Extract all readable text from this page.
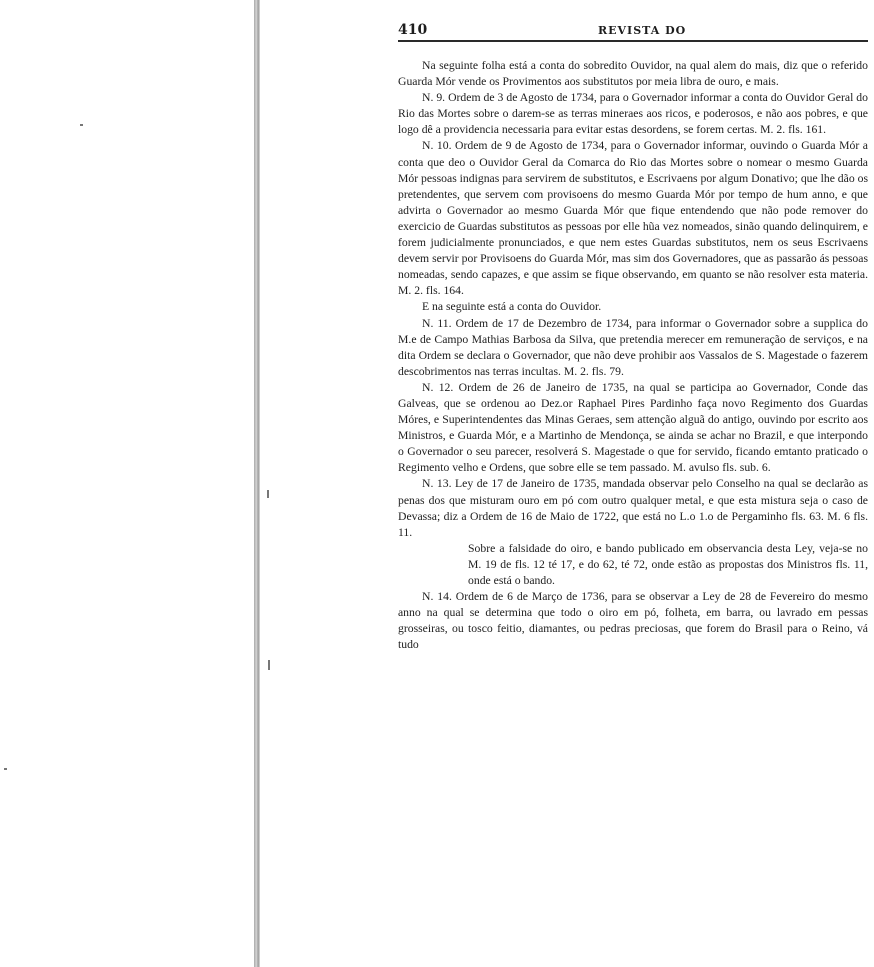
410	REVISTA DO

Na seguinte folha está a conta do sobredito Ouvidor, na qual alem do mais, diz que o referido Guarda Mór vende os Provimentos aos substitutos por meia libra de ouro, e mais.

N. 9. Ordem de 3 de Agosto de 1734, para o Governador informar a conta do Ouvidor Geral do Rio das Mortes sobre o darem-se as terras mineraes aos ricos, e poderosos, e não aos pobres, e que logo dê a providencia necessaria para evitar estas desordens, se forem certas. M. 2. fls. 161.

N. 10. Ordem de 9 de Agosto de 1734, para o Governador informar, ouvindo o Guarda Mór a conta que deo o Ouvidor Geral da Comarca do Rio das Mortes sobre o nomear o mesmo Guarda Mór pessoas indignas para servirem de substitutos, e Escrivaens por algum Donativo; que lhe dão os pretendentes, que servem com provisoens do mesmo Guarda Mór por tempo de hum anno, e que advirta o Governador ao mesmo Guarda Mór que fique entendendo que não pode remover do exercicio de Guardas substitutos as pessoas por elle hũa vez nomeados, sinão quando delinquirem, e forem judicialmente pronunciados, e que nem estes Guardas substitutos, nem os seus Escrivaens devem servir por Provisoens do Guarda Mór, mas sim dos Governadores, que as passarão ás pessoas nomeadas, sendo capazes, e que assim se fique observando, em quanto se não resolver esta materia. M. 2. fls. 164.

E na seguinte está a conta do Ouvidor.

N. 11. Ordem de 17 de Dezembro de 1734, para informar o Governador sobre a supplica do M.e de Campo Mathias Barbosa da Silva, que pretendia merecer em remuneração de serviços, e na dita Ordem se declara o Governador, que não deve prohibir aos Vassalos de S. Magestade o fazerem descobrimentos nas terras incultas. M. 2. fls. 79.

N. 12. Ordem de 26 de Janeiro de 1735, na qual se participa ao Governador, Conde das Galveas, que se ordenou ao Dez.or Raphael Pires Pardinho faça novo Regimento dos Guardas Móres, e Superintendentes das Minas Geraes, sem attenção alguã do antigo, ouvindo por escrito aos Ministros, e Guarda Mór, e a Martinho de Mendonça, se ainda se achar no Brazil, e que interpondo o Governador o seu parecer, resolverá S. Magestade o que for servido, ficando emtanto praticado o Regimento velho e Ordens, que sobre elle se tem passado. M. avulso fls. sub. 6.

N. 13. Ley de 17 de Janeiro de 1735, mandada observar pelo Conselho na qual se declarão as penas dos que misturam ouro em pó com outro qualquer metal, e que esta mistura seja o caso de Devassa; diz a Ordem de 16 de Maio de 1722, que está no L.o 1.o de Pergaminho fls. 63. M. 6 fls. 11.

Sobre a falsidade do oiro, e bando publicado em observancia desta Ley, veja-se no M. 19 de fls. 12 té 17, e do 62, té 72, onde estão as propostas dos Ministros fls. 11, onde está o bando.

N. 14. Ordem de 6 de Março de 1736, para se observar a Ley de 28 de Fevereiro do mesmo anno na qual se determina que todo o oiro em pó, folheta, em barra, ou lavrado em pessas grosseiras, ou tosco feitio, diamantes, ou pedras preciosas, que forem do Brasil para o Reino, vá tudo
